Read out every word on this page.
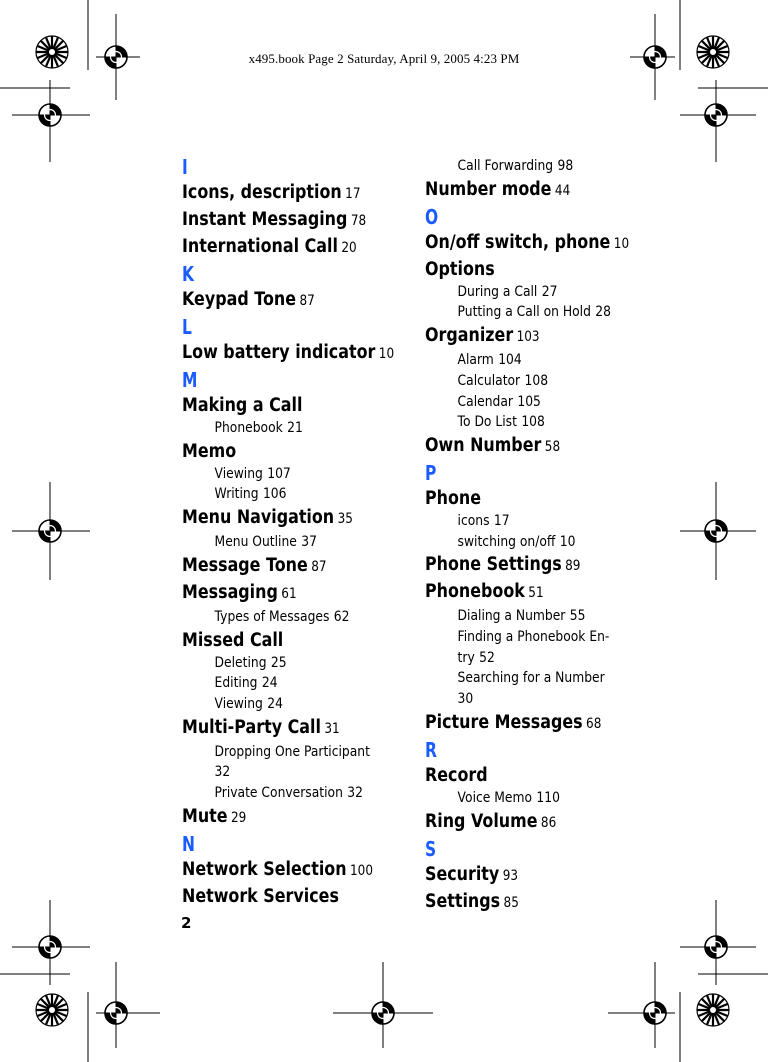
x495.book Page 2 Saturday, April 9, 2005 4:23 PM
I
Icons, description 17
Instant Messaging 78
International Call 20
K
Keypad Tone 87
L
Low battery indicator 10
M
Making a Call
Phonebook 21
Memo
Viewing 107
Writing 106
Menu Navigation 35
Menu Outline 37
Message Tone 87
Messaging 61
Types of Messages 62
Missed Call
Deleting 25
Editing 24
Viewing 24
Multi-Party Call 31
Dropping One Participant
32
Private Conversation 32
Mute 29
N
Network Selection 100
Network Services
Call Forwarding 98
Number mode 44
O
On/off switch, phone 10
Options
During a Call 27
Putting a Call on Hold 28
Organizer 103
Alarm 104
Calculator 108
Calendar 105
To Do List 108
Own Number 58
P
Phone
icons 17
switching on/off 10
Phone Settings 89
Phonebook 51
Dialing a Number 55
Finding a Phonebook En-try 52
Searching for a Number
30
Picture Messages 68
R
Record
Voice Memo 110
Ring Volume 86
S
Security 93
Settings 85
2
